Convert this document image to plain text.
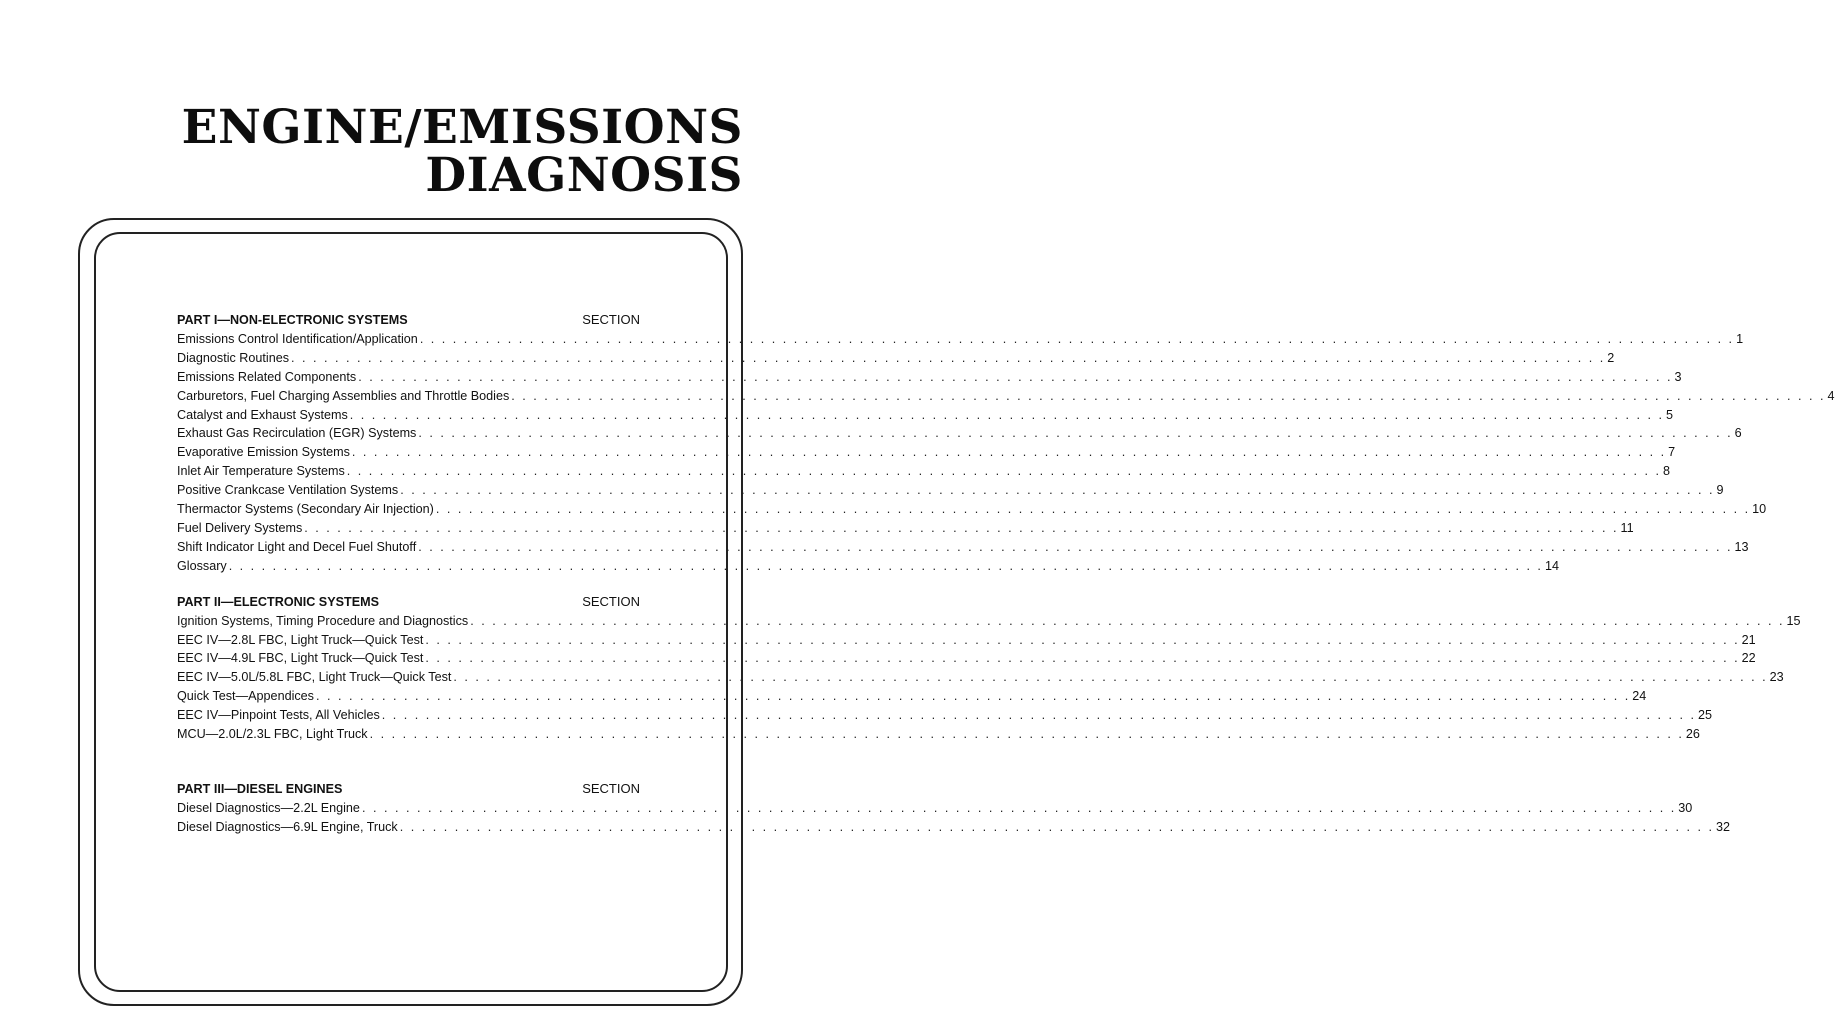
ENGINE/EMISSIONS
DIAGNOSIS
PART I—NON-ELECTRONIC SYSTEMS	SECTION
Emissions Control Identification/Application . . . . . . . . . . . . . . . . . . . . . . . . . . . . . . . . . . . . . . . . . . . . . . . . . . . . . . . . . . . . . . . . . . . . . . . . . . . . . . . . . . . . . . . . . . . . . . . . . . . . . . . . . . . . . . . . . . . . . . . . 1
Diagnostic Routines . . . . . . . . . . . . . . . . . . . . . . . . . . . . . . . . . . . . . . . . . . . . . . . . . . . . . . . . . . . . . . . . . . . . . . . . . . . . . . . . . . . . . . . . . . . . . . . . . . . . . . . . . . . . . . . . . . . . . . . . 2
Emissions Related Components . . . . . . . . . . . . . . . . . . . . . . . . . . . . . . . . . . . . . . . . . . . . . . . . . . . . . . . . . . . . . . . . . . . . . . . . . . . . . . . . . . . . . . . . . . . . . . . . . . . . . . . . . . . . . . . . . . . . . . . . 3
Carburetors, Fuel Charging Assemblies and Throttle Bodies . . . . . . . . . . . . . . . . . . . . . . . . . . . . . . . . . . . . . . . . . . . . . . . . . . . . . . . . . . . . . . . . . . . . . . . . . . . . . . . . . . . . . . . . . . . . . . . . . . . . . . . . . . . . . . . . . . . . . . . . 4
Catalyst and Exhaust Systems . . . . . . . . . . . . . . . . . . . . . . . . . . . . . . . . . . . . . . . . . . . . . . . . . . . . . . . . . . . . . . . . . . . . . . . . . . . . . . . . . . . . . . . . . . . . . . . . . . . . . . . . . . . . . . . . . . . . . . . . 5
Exhaust Gas Recirculation (EGR) Systems . . . . . . . . . . . . . . . . . . . . . . . . . . . . . . . . . . . . . . . . . . . . . . . . . . . . . . . . . . . . . . . . . . . . . . . . . . . . . . . . . . . . . . . . . . . . . . . . . . . . . . . . . . . . . . . . . . . . . . . . 6
Evaporative Emission Systems . . . . . . . . . . . . . . . . . . . . . . . . . . . . . . . . . . . . . . . . . . . . . . . . . . . . . . . . . . . . . . . . . . . . . . . . . . . . . . . . . . . . . . . . . . . . . . . . . . . . . . . . . . . . . . . . . . . . . . . . 7
Inlet Air Temperature Systems . . . . . . . . . . . . . . . . . . . . . . . . . . . . . . . . . . . . . . . . . . . . . . . . . . . . . . . . . . . . . . . . . . . . . . . . . . . . . . . . . . . . . . . . . . . . . . . . . . . . . . . . . . . . . . . . . . . . . . . . 8
Positive Crankcase Ventilation Systems . . . . . . . . . . . . . . . . . . . . . . . . . . . . . . . . . . . . . . . . . . . . . . . . . . . . . . . . . . . . . . . . . . . . . . . . . . . . . . . . . . . . . . . . . . . . . . . . . . . . . . . . . . . . . . . . . . . . . . . . 9
Thermactor Systems (Secondary Air Injection) . . . . . . . . . . . . . . . . . . . . . . . . . . . . . . . . . . . . . . . . . . . . . . . . . . . . . . . . . . . . . . . . . . . . . . . . . . . . . . . . . . . . . . . . . . . . . . . . . . . . . . . . . . . . . . . . . . . . . . . . 10
Fuel Delivery Systems . . . . . . . . . . . . . . . . . . . . . . . . . . . . . . . . . . . . . . . . . . . . . . . . . . . . . . . . . . . . . . . . . . . . . . . . . . . . . . . . . . . . . . . . . . . . . . . . . . . . . . . . . . . . . . . . . . . . . . . . 11
Shift Indicator Light and Decel Fuel Shutoff . . . . . . . . . . . . . . . . . . . . . . . . . . . . . . . . . . . . . . . . . . . . . . . . . . . . . . . . . . . . . . . . . . . . . . . . . . . . . . . . . . . . . . . . . . . . . . . . . . . . . . . . . . . . . . . . . . . . . . . . 13
Glossary . . . . . . . . . . . . . . . . . . . . . . . . . . . . . . . . . . . . . . . . . . . . . . . . . . . . . . . . . . . . . . . . . . . . . . . . . . . . . . . . . . . . . . . . . . . . . . . . . . . . . . . . . . . . . . . . . . . . . . . . 14
PART II—ELECTRONIC SYSTEMS	SECTION
Ignition Systems, Timing Procedure and Diagnostics . . . . . . . . . . . . . . . . . . . . . . . . . . . . . . . . . . . . . . . . . . . . . . . . . . . . . . . . . . . . . . . . . . . . . . . . . . . . . . . . . . . . . . . . . . . . . . . . . . . . . . . . . . . . . . . . . . . . . . . . 15
EEC IV—2.8L FBC, Light Truck—Quick Test . . . . . . . . . . . . . . . . . . . . . . . . . . . . . . . . . . . . . . . . . . . . . . . . . . . . . . . . . . . . . . . . . . . . . . . . . . . . . . . . . . . . . . . . . . . . . . . . . . . . . . . . . . . . . . . . . . . . . . . . 21
EEC IV—4.9L FBC, Light Truck—Quick Test . . . . . . . . . . . . . . . . . . . . . . . . . . . . . . . . . . . . . . . . . . . . . . . . . . . . . . . . . . . . . . . . . . . . . . . . . . . . . . . . . . . . . . . . . . . . . . . . . . . . . . . . . . . . . . . . . . . . . . . . 22
EEC IV—5.0L/5.8L FBC, Light Truck—Quick Test . . . . . . . . . . . . . . . . . . . . . . . . . . . . . . . . . . . . . . . . . . . . . . . . . . . . . . . . . . . . . . . . . . . . . . . . . . . . . . . . . . . . . . . . . . . . . . . . . . . . . . . . . . . . . . . . . . . . . . . . 23
Quick Test—Appendices . . . . . . . . . . . . . . . . . . . . . . . . . . . . . . . . . . . . . . . . . . . . . . . . . . . . . . . . . . . . . . . . . . . . . . . . . . . . . . . . . . . . . . . . . . . . . . . . . . . . . . . . . . . . . . . . . . . . . . . . 24
EEC IV—Pinpoint Tests, All Vehicles . . . . . . . . . . . . . . . . . . . . . . . . . . . . . . . . . . . . . . . . . . . . . . . . . . . . . . . . . . . . . . . . . . . . . . . . . . . . . . . . . . . . . . . . . . . . . . . . . . . . . . . . . . . . . . . . . . . . . . . . 25
MCU—2.0L/2.3L FBC, Light Truck . . . . . . . . . . . . . . . . . . . . . . . . . . . . . . . . . . . . . . . . . . . . . . . . . . . . . . . . . . . . . . . . . . . . . . . . . . . . . . . . . . . . . . . . . . . . . . . . . . . . . . . . . . . . . . . . . . . . . . . . 26
PART III—DIESEL ENGINES	SECTION
Diesel Diagnostics—2.2L Engine . . . . . . . . . . . . . . . . . . . . . . . . . . . . . . . . . . . . . . . . . . . . . . . . . . . . . . . . . . . . . . . . . . . . . . . . . . . . . . . . . . . . . . . . . . . . . . . . . . . . . . . . . . . . . . . . . . . . . . . . 30
Diesel Diagnostics—6.9L Engine, Truck . . . . . . . . . . . . . . . . . . . . . . . . . . . . . . . . . . . . . . . . . . . . . . . . . . . . . . . . . . . . . . . . . . . . . . . . . . . . . . . . . . . . . . . . . . . . . . . . . . . . . . . . . . . . . . . . . . . . . . . . 32
